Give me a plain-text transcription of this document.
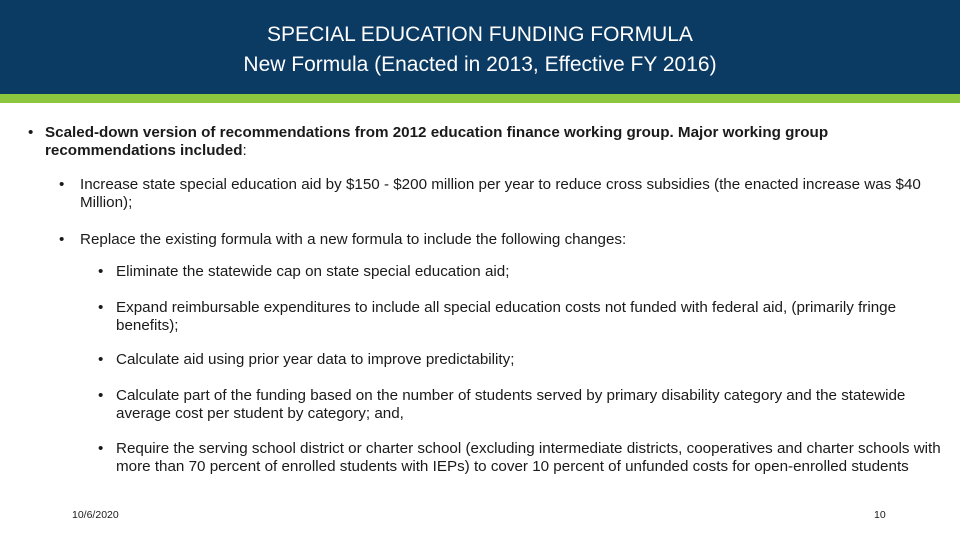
SPECIAL EDUCATION FUNDING FORMULA
New Formula (Enacted in 2013, Effective FY 2016)
• Scaled-down version of recommendations from 2012 education finance working group. Major working group recommendations included:
•	Increase state special education aid by $150 - $200 million per year to reduce cross subsidies (the enacted increase was $40 Million);
•	Replace the existing formula with a new formula to include the following changes:
• Eliminate the statewide cap on state special education aid;
• Expand reimbursable expenditures to include all special education costs not funded with federal aid, (primarily fringe benefits);
• Calculate aid using prior year data to improve predictability;
• Calculate part of the funding based on the number of students served by primary disability category and the statewide average cost per student by category; and,
• Require the serving school district or charter school (excluding intermediate districts, cooperatives and charter schools with more than 70 percent of enrolled students with IEPs) to cover 10 percent of unfunded costs for open-enrolled students
10/6/2020	10
